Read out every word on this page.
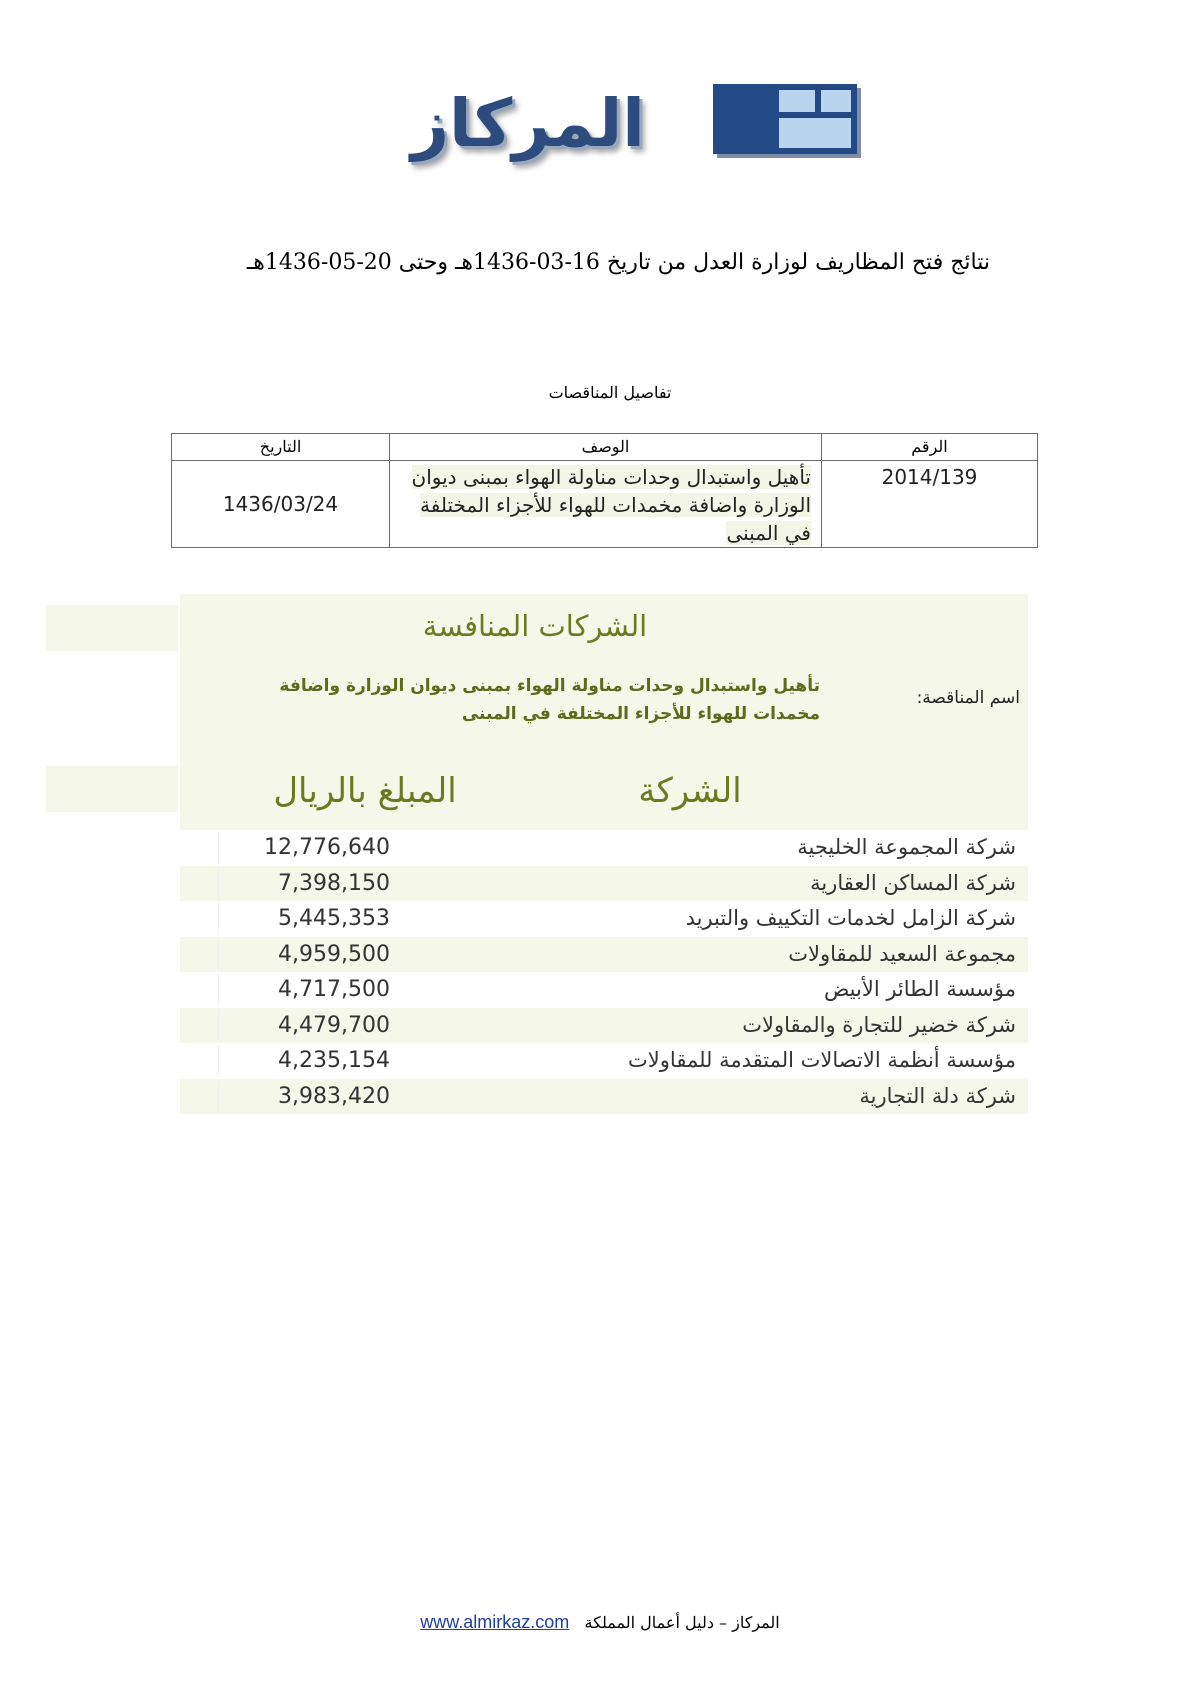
المركاز
نتائج فتح المظاريف لوزارة العدل من تاريخ 16-03-1436هـ وحتى 20-05-1436هـ
تفاصيل المناقصات
الرقم	الوصف	التاريخ
2014/139	تأهيل واستبدال وحدات مناولة الهواء بمبنى ديوان الوزارة واضافة مخمدات للهواء للأجزاء المختلفة في المبنى	1436/03/24
الشركات المنافسة
اسم المناقصة:
تأهيل واستبدال وحدات مناولة الهواء بمبنى ديوان الوزارة واضافة مخمدات للهواء للأجزاء المختلفة في المبنى
الشركة
المبلغ بالريال
شركة المجموعة الخليجية
12,776,640
شركة المساكن العقارية
7,398,150
شركة الزامل لخدمات التكييف والتبريد
5,445,353
مجموعة السعيد للمقاولات
4,959,500
مؤسسة الطائر الأبيض
4,717,500
شركة خضير للتجارة والمقاولات
4,479,700
مؤسسة أنظمة الاتصالات المتقدمة للمقاولات
4,235,154
شركة دلة التجارية
3,983,420
المركاز – دليل أعمال المملكة   www.almirkaz.com
